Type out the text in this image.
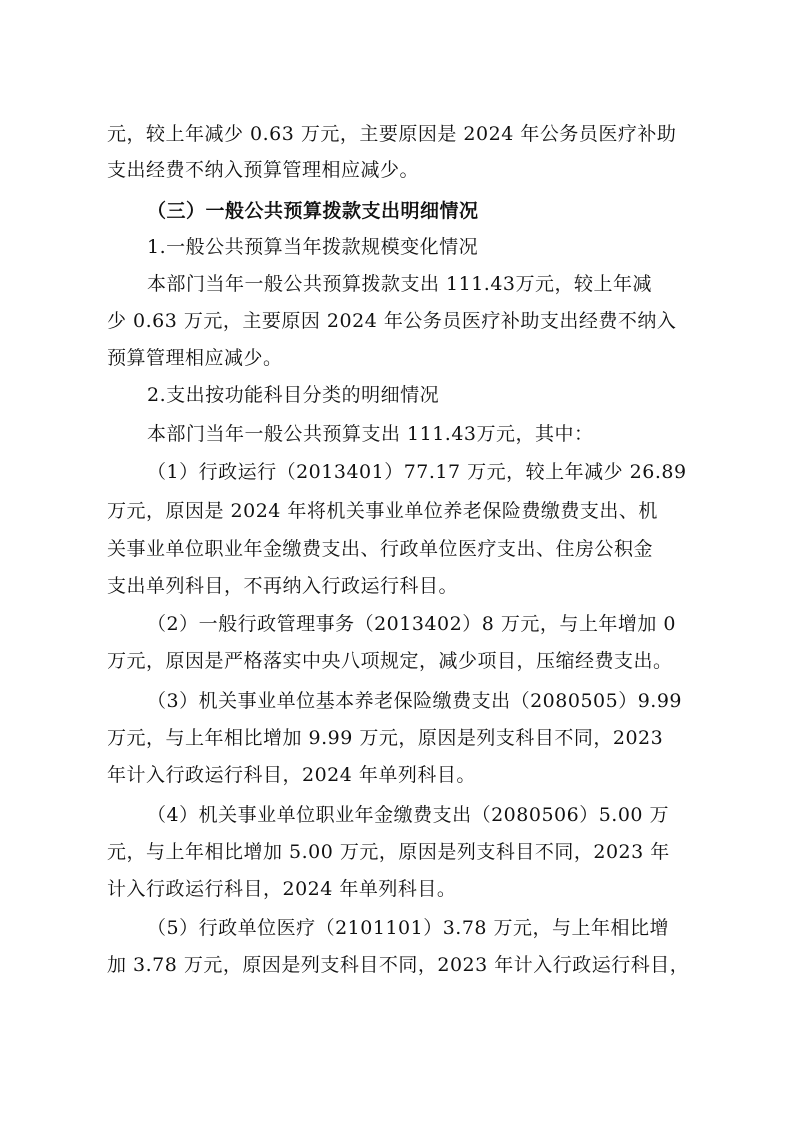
元，较上年减少 0.63 万元，主要原因是 2024 年公务员医疗补助
支出经费不纳入预算管理相应减少。
（三）一般公共预算拨款支出明细情况
1.一般公共预算当年拨款规模变化情况
本部门当年一般公共预算拨款支出 111.43万元，较上年减
少 0.63 万元，主要原因 2024 年公务员医疗补助支出经费不纳入
预算管理相应减少。
2.支出按功能科目分类的明细情况
本部门当年一般公共预算支出 111.43万元，其中：
（1）行政运行（2013401）77.17 万元，较上年减少 26.89
万元，原因是 2024 年将机关事业单位养老保险费缴费支出、机
关事业单位职业年金缴费支出、行政单位医疗支出、住房公积金
支出单列科目，不再纳入行政运行科目。
（2）一般行政管理事务（2013402）8 万元，与上年增加 0
万元，原因是严格落实中央八项规定，减少项目，压缩经费支出。
（3）机关事业单位基本养老保险缴费支出（2080505）9.99
万元，与上年相比增加 9.99 万元，原因是列支科目不同，2023
年计入行政运行科目，2024 年单列科目。
（4）机关事业单位职业年金缴费支出（2080506）5.00 万
元，与上年相比增加 5.00 万元，原因是列支科目不同，2023 年
计入行政运行科目，2024 年单列科目。
（5）行政单位医疗（2101101）3.78 万元，与上年相比增
加 3.78 万元，原因是列支科目不同，2023 年计入行政运行科目，
